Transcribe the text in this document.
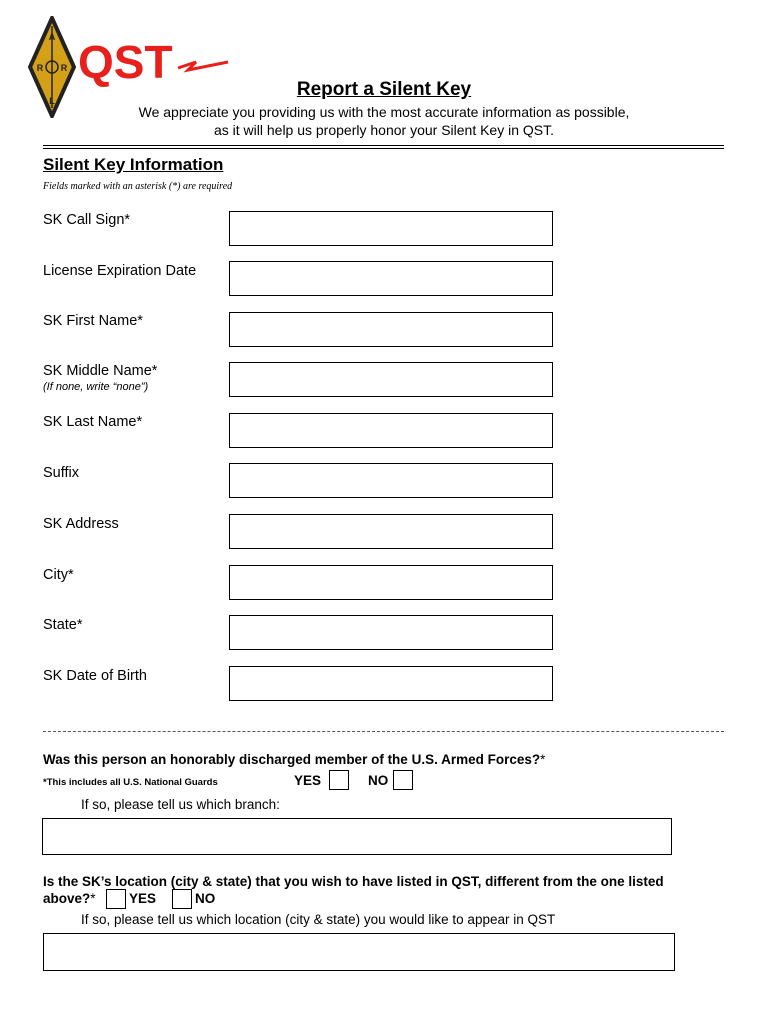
A
R R
L
QST
Report a Silent Key
We appreciate you providing us with the most accurate information as possible,
as it will help us properly honor your Silent Key in QST.
Silent Key Information
Fields marked with an asterisk (*) are required
SK Call Sign*
License Expiration Date
SK First Name*
SK Middle Name*
(If none, write “none”)
SK Last Name*
Suffix
SK Address
City*
State*
SK Date of Birth
Was this person an honorably discharged member of the U.S. Armed Forces?*
*This includes all U.S. National Guards	YES	NO
If so, please tell us which branch:
Is the SK’s location (city & state) that you wish to have listed in QST, different from the one listed
above?* YES	NO
If so, please tell us which location (city & state) you would like to appear in QST
